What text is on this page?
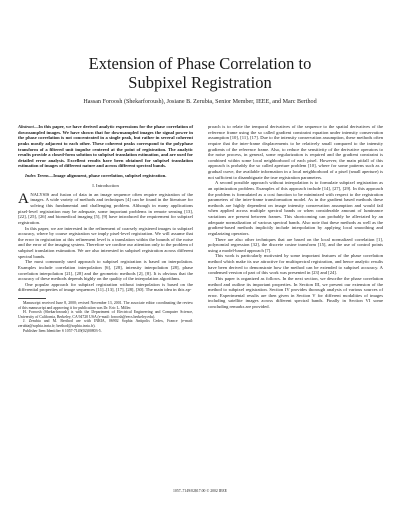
Extension of Phase Correlation to
Subpixel Registration
Hassan Foroosh (Shekarforoush), Josiane B. Zerubia, Senior Member, IEEE, and Marc Berthod

Abstract—In this paper, we have derived analytic expressions for the phase correlation of downsampled images. We have shown that for downsampled images the signal power in the phase correlation is not concentrated in a single peak, but rather in several coherent peaks mostly adjacent to each other. These coherent peaks correspond to the polyphase transform of a filtered unit impulse centered at the point of registration. The analytic results provide a closed-form solution to subpixel translation estimation, and are used for detailed error analysis. Excellent results have been obtained for subpixel translation estimation of images of different nature and across different spectral bands.

Index Terms—Image alignment, phase correlation, subpixel registration.

I. Introduction

ANALYSIS and fusion of data in an image sequence often require registration of the images. A wide variety of methods and techniques [4] can be found in the literature for solving this fundamental and challenging problem. Although in many applications pixel-level registration may be adequate, some important problems in remote sensing [13], [22], [25], [26] and biomedical imaging [5], [9] have introduced the requirement for subpixel registration.

In this paper, we are interested in the refinement of coarsely registered images to subpixel accuracy, where by coarse registration we imply pixel-level registration. We will assume that the error in registration at this refinement level is a translation within the bounds of the noise and the error of the imaging system. Therefore we confine our attention only to the problem of subpixel translation estimation. We are also interested in subpixel registration across different spectral bands.

The most commonly used approach to subpixel registration is based on interpolation. Examples include correlation interpolation [6], [28], intensity interpolation [28], phase correlation interpolation [21], [28] and the geometric methods [2], [8]. It is obvious that the accuracy of these methods depends highly on the quality of the interpolation algorithms.

One popular approach for subpixel registration without interpolation is based on the differential properties of image sequences [11]–[13], [17], [28], [30]. The main idea in this ap-

Manuscript received June 8, 2000; revised November 13, 2001. The associate editor coordinating the review of this manuscript and approving it for publication was Dr. Eric L. Miller.

H. Foroosh (Shekarforoush) is with the Department of Electrical Engineering and Computer Science, University of California, Berkeley, CA 94720 USA (e-mail: foroosh@eecs.berkeley.edu).

J. Zerubia and M. Berthod are with INRIA, 06902 Sophia Antipolis Cedex, France (e-mail: zerubia@sophia.inria.fr; berthod@sophia.inria.fr).

Publisher Item Identifier S 1057-7149(02)00803-5.

proach is to relate the temporal derivatives of the sequence to the spatial derivatives of the reference frame using the so called gradient constraint equation under intensity conservation assumption [10], [11], [17]. Due to the intensity conservation assumption, these methods often require that the inter-frame displacements to be relatively small compared to the intensity gradients of the reference frame. Also, to reduce the sensitivity of the derivative operators to the noise process, in general, some regularization is required and the gradient constraint is combined within some local neighborhood of each pixel. However, the main pitfall of this approach is probably the so called aperture problem [10], where for some patterns such as a gradual curve, the available information in a local neighborhood of a pixel (small aperture) is not sufficient to disambiguate the true registration parameters.

A second possible approach without interpolation is to formulate subpixel registration as an optimization problem. Examples of this approach include [14], [27], [29]. In this approach the problem is formulated as a cost function to be minimized with respect to the registration parameters of the inter-frame transformation model. As in the gradient based methods these methods are highly dependent on image intensity conservation assumption and would fail when applied across multiple spectral bands or when considerable amount of luminance variations are present between frames. This shortcoming can probably be alleviated by an adequate normalization of various spectral bands. Also note that these methods as well as the gradient-based methods implicitly include interpolation by applying local smoothing and regularizing operators.

There are also other techniques that are based on the local normalized correlation [1], polynomial regression [32], the discrete cosine transform [15], and the use of control points using a model-based approach [7].

This work is particularly motivated by some important features of the phase correlation method which make its use attractive for multispectral registration, and hence analytic results have been derived to demonstrate how the method can be extended to subpixel accuracy. A condensed version of part of this work was presented in [23] and [24].

This paper is organized as follows. In the next section, we describe the phase correlation method and outline its important properties. In Section III, we present our extension of the method to subpixel registration. Section IV provides thorough analysis of various sources of error. Experimental results are then given in Section V for different modalities of images including satellite images across different spectral bands. Finally in Section VI some concluding remarks are provided.

1057–7149/02$17.00 © 2002 IEEE
